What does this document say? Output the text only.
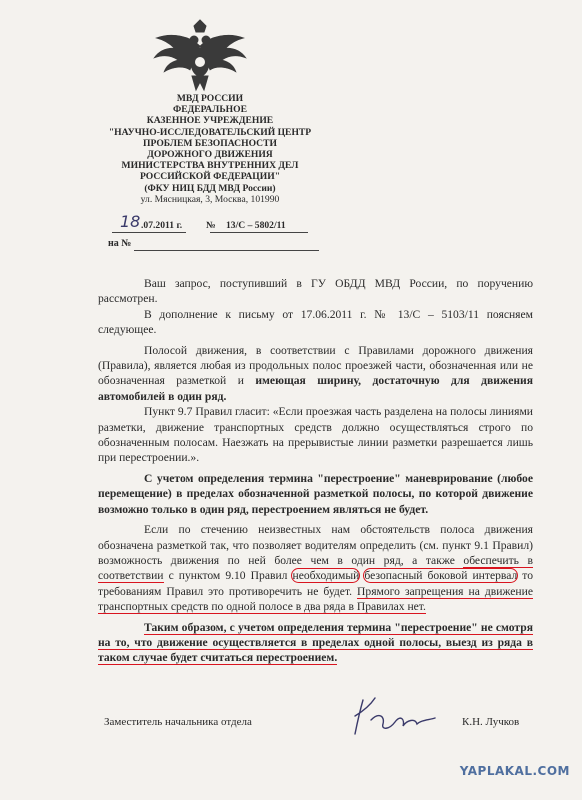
МВД РОССИИ
ФЕДЕРАЛЬНОЕ
КАЗЕННОЕ УЧРЕЖДЕНИЕ
"НАУЧНО-ИССЛЕДОВАТЕЛЬСКИЙ ЦЕНТР
ПРОБЛЕМ БЕЗОПАСНОСТИ
ДОРОЖНОГО ДВИЖЕНИЯ
МИНИСТЕРСТВА ВНУТРЕННИХ ДЕЛ
РОССИЙСКОЙ ФЕДЕРАЦИИ"
(ФКУ НИЦ БДД МВД России)
ул. Мясницкая, 3, Москва, 101990
18 .07.2011 г. № 13/С – 5802/11
на №

Ваш запрос, поступивший в ГУ ОБДД МВД России, по поручению рассмотрен.

В дополнение к письму от 17.06.2011 г. № 13/С – 5103/11 поясняем следующее.

Полосой движения, в соответствии с Правилами дорожного движения (Правила), является любая из продольных полос проезжей части, обозначенная или не обозначенная разметкой и имеющая ширину, достаточную для движения автомобилей в один ряд.

Пункт 9.7 Правил гласит: «Если проезжая часть разделена на полосы линиями разметки, движение транспортных средств должно осуществляться строго по обозначенным полосам. Наезжать на прерывистые линии разметки разрешается лишь при перестроении.».

С учетом определения термина "перестроение" маневрирование (любое перемещение) в пределах обозначенной разметкой полосы, по которой движение возможно только в один ряд, перестроением являться не будет.

Если по стечению неизвестных нам обстоятельств полоса движения обозначена разметкой так, что позволяет водителям определить (см. пункт 9.1 Правил) возможность движения по ней более чем в один ряд, а также обеспечить в соответствии с пунктом 9.10 Правил необходимый безопасный боковой интервал то требованиям Правил это противоречить не будет. Прямого запрещения на движение транспортных средств по одной полосе в два ряда в Правилах нет.

Таким образом, с учетом определения термина "перестроение" не смотря на то, что движение осуществляется в пределах одной полосы, выезд из ряда в таком случае будет считаться перестроением.

Заместитель начальника отдела	К.Н. Лучков
YAPLAKAL.COM
